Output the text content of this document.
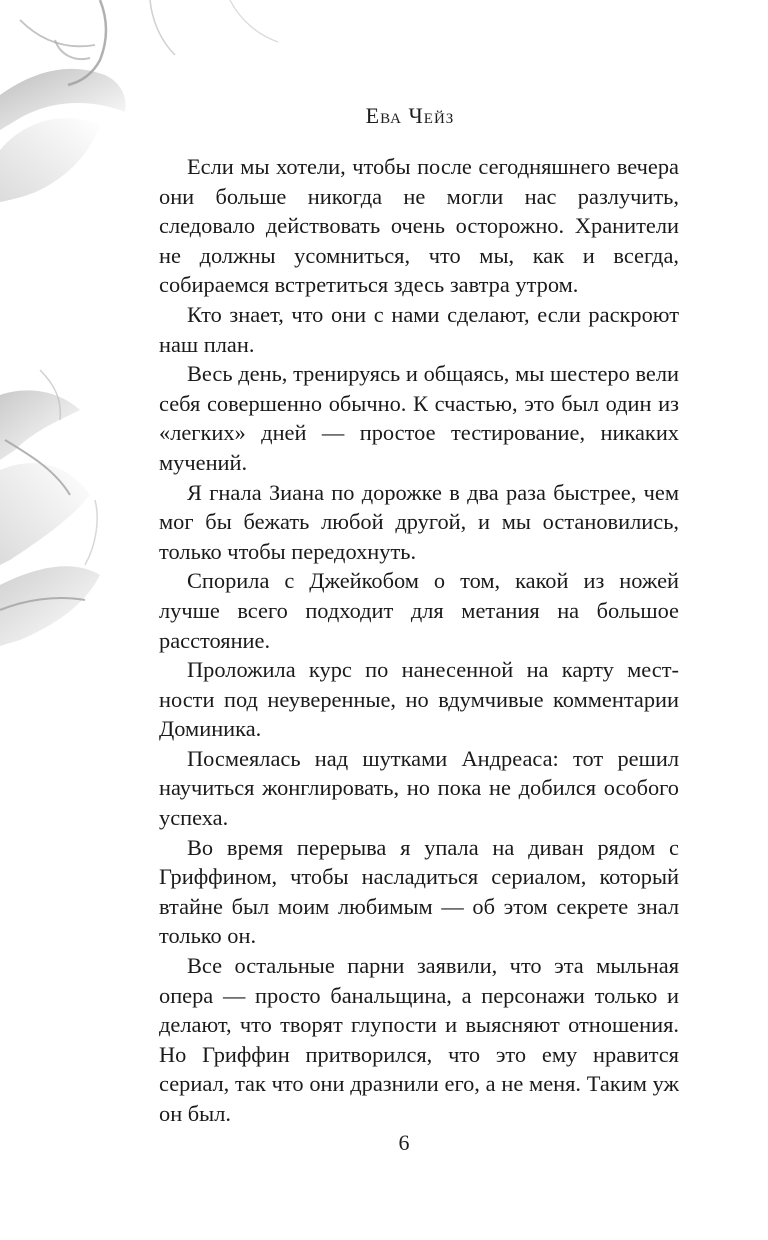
Ева Чейз

Если мы хотели, чтобы после сегодняшнего вечера они больше никогда не могли нас разлучить, следовало действовать очень осторожно. Хранители не должны усомниться, что мы, как и всегда, собираемся встретиться здесь завтра утром.

Кто знает, что они с нами сделают, если раскроют наш план.

Весь день, тренируясь и общаясь, мы шестеро вели себя совершенно обычно. К счастью, это был один из «легких» дней — простое тестирование, никаких мучений.

Я гнала Зиана по дорожке в два раза быстрее, чем мог бы бежать любой другой, и мы остановились, только чтобы передохнуть.

Спорила с Джейкобом о том, какой из ножей лучше всего подходит для метания на большое расстояние.

Проложила курс по нанесенной на карту местности под неуверенные, но вдумчивые комментарии Доминика.

Посмеялась над шутками Андреаса: тот решил научиться жонглировать, но пока не добился особого успеха.

Во время перерыва я упала на диван рядом с Гриффином, чтобы насладиться сериалом, который втайне был моим любимым — об этом секрете знал только он.

Все остальные парни заявили, что эта мыльная опера — просто банальщина, а персонажи только и делают, что творят глупости и выясняют отношения. Но Гриффин притворился, что это ему нравится сериал, так что они дразнили его, а не меня. Таким уж он был.

6
